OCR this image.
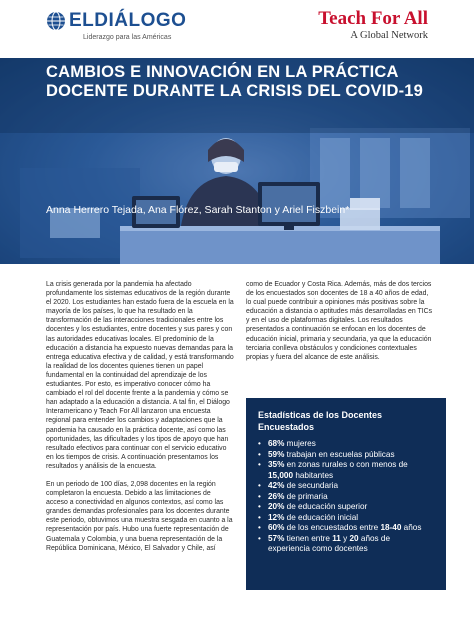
ELDIÁLOGO
Liderazgo para las Américas
Teach For All
A Global Network
CAMBIOS E INNOVACIÓN EN LA PRÁCTICA DOCENTE DURANTE LA CRISIS DEL COVID-19
Anna Herrero Tejada, Ana Flórez, Sarah Stanton y Ariel Fiszbein*

La crisis generada por la pandemia ha afectado profundamente los sistemas educativos de la región durante el 2020. Los estudiantes han estado fuera de la escuela en la mayoría de los países, lo que ha resultado en la transformación de las interacciones tradicionales entre los docentes y los estudiantes, entre docentes y sus pares y con las autoridades educativas locales. El predominio de la educación a distancia ha expuesto nuevas demandas para la entrega educativa efectiva y de calidad, y está transformando la realidad de los docentes quienes tienen un papel fundamental en la continuidad del aprendizaje de los estudiantes. Por esto, es imperativo conocer cómo ha cambiado el rol del docente frente a la pandemia y cómo se han adaptado a la educación a distancia. A tal fin, el Diálogo Interamericano y Teach For All lanzaron una encuesta regional para entender los cambios y adaptaciones que la pandemia ha causado en la práctica docente, así como las oportunidades, las dificultades y los tipos de apoyo que han resultado efectivos para continuar con el servicio educativo en los tiempos de crisis. A continuación presentamos los resultados y análisis de la encuesta.

En un periodo de 100 días, 2,098 docentes en la región completaron la encuesta. Debido a las limitaciones de acceso a conectividad en algunos contextos, así como las grandes demandas profesionales para los docentes durante este periodo, obtuvimos una muestra sesgada en cuanto a la representación por país. Hubo una fuerte representación de Guatemala y Colombia, y una buena representación de la República Dominicana, México, El Salvador y Chile, así

como de Ecuador y Costa Rica. Además, más de dos tercios de los encuestados son docentes de 18 a 40 años de edad, lo cual puede contribuir a opiniones más positivas sobre la educación a distancia o aptitudes más desarrolladas en TICs y en el uso de plataformas digitales. Los resultados presentados a continuación se enfocan en los docentes de educación inicial, primaria y secundaria, ya que la educación terciaria conlleva obstáculos y condiciones contextuales propias y fuera del alcance de este análisis.

Estadísticas de los Docentes Encuestados
• 68% mujeres
• 59% trabajan en escuelas públicas
• 35% en zonas rurales o con menos de 15,000 habitantes
• 42% de secundaria
• 26% de primaria
• 20% de educación superior
• 12% de educación inicial
• 60% de los encuestados entre 18-40 años
• 57% tienen entre 11 y 20 años de experiencia como docentes
